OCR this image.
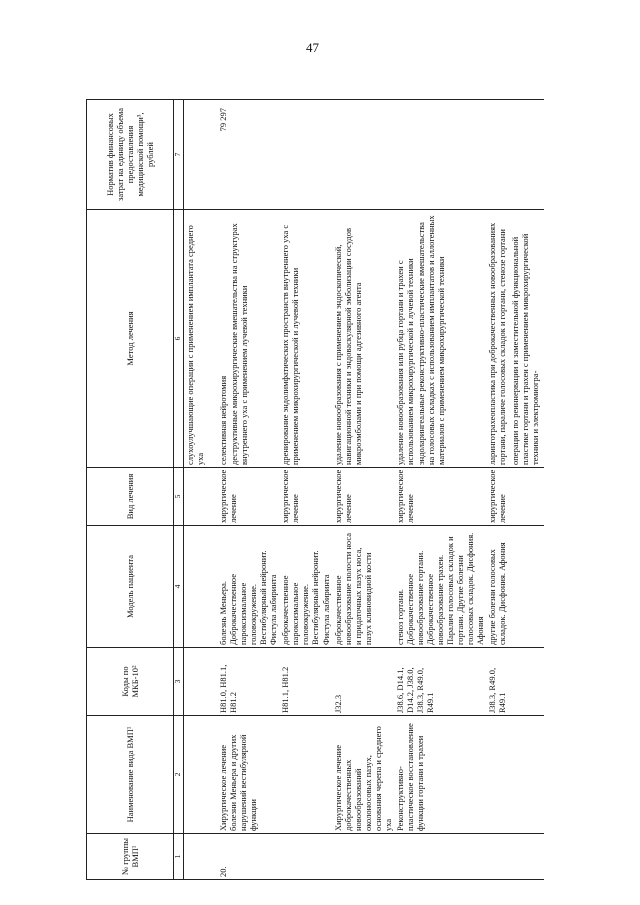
47
№ группы ВМП¹	Наименование вида ВМП¹	Коды по МКБ-10²	Модель пациента	Вид лечения	Метод лечения	Норматив финансовых затрат на единицу объема предоставления медицинской помощи³, рублей
1	2	3	4	5	6	7

					слухоулучшающие операции с применением имплантата среднего уха	

20.	Хирургическое лечение болезни Меньера и других нарушений вестибулярной функции	H81.0, H81.1, H81.2	болезнь Меньера. Доброкачественное пароксизмальное головокружение. Вестибулярный нейронит. Фистула лабиринта	хирургическое лечение	селективная нейротомия деструктивные микрохирургические вмешательства на структурах внутреннего уха с применением лучевой техники	79 297
		H81.1, H81.2	доброкачественное пароксизмальное головокружение. Вестибулярный нейронит. Фистула лабиринта	хирургическое лечение	дренирование эндолимфатических пространств внутреннего уха с применением микрохирургической и лучевой техники	

	Хирургическое лечение доброкачественных новообразований околоносовых пазух, основания черепа и среднего уха	J32.3	доброкачественное новообразование полости носа и придаточных пазух носа, пазух клиновидной кости	хирургическое лечение	удаление новообразования с применением эндоскопической, навигационной техники и эндоваскулярной эмболизации сосудов микроэмболами и при помощи адгезивного агента	

	Реконструктивно-пластическое восстановление функции гортани и трахеи	J38.6, D14.1, D14.2, J38.0, J38.3, R49.0, R49.1	стеноз гортани. Доброкачественное новообразование гортани. Доброкачественное новообразование трахеи. Паралич голосовых складок и гортани. Другие болезни голосовых складок. Дисфония. Афония	хирургическое лечение	удаление новообразования или рубца гортани и трахеи с использованием микрохирургической и лучевой техники эндоларингеальные реконструктивно-пластические вмешательства на голосовых складках с использованием имплантатов и аллогенных материалов с применением микрохирургической техники	

		J38.3, R49.0, R49.1	другие болезни голосовых складок. Дисфония. Афония	хирургическое лечение	ларинготрахеопластика при доброкачественных новообразованиях гортани, параличе голосовых складок и гортани, стенозе гортани операции по реиннервации и заместительной функциональной пластике гортани и трахеи с применением микрохирургической техники и электромиогра-	
